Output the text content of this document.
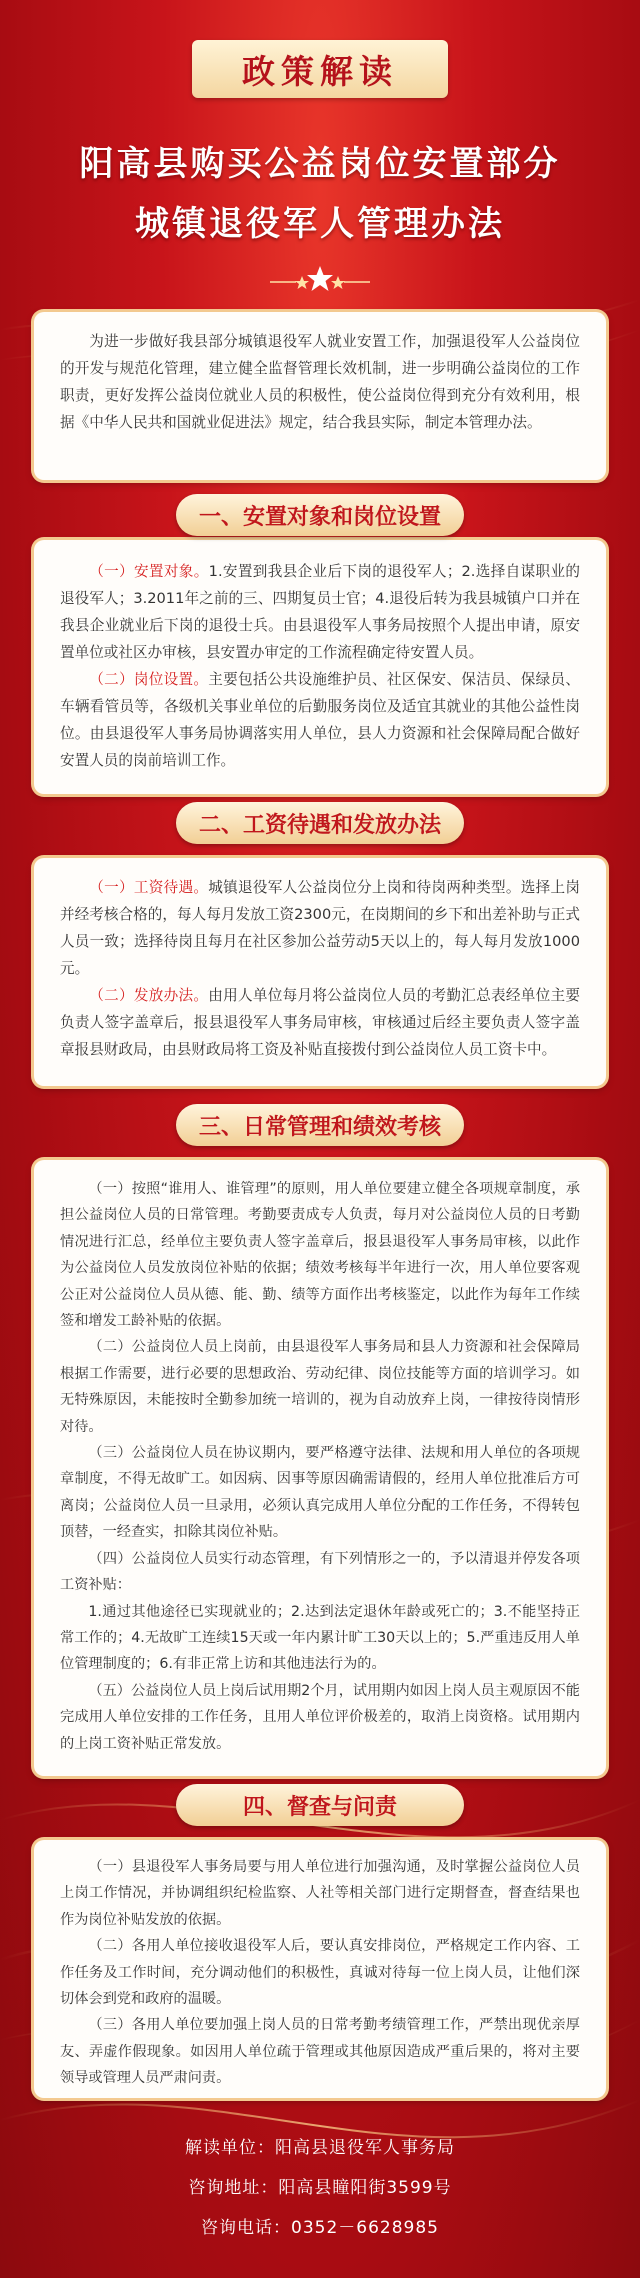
政策解读
阳高县购买公益岗位安置部分
城镇退役军人管理办法

为进一步做好我县部分城镇退役军人就业安置工作，加强退役军人公益岗位的开发与规范化管理，建立健全监督管理长效机制，进一步明确公益岗位的工作职责，更好发挥公益岗位就业人员的积极性，使公益岗位得到充分有效利用，根据《中华人民共和国就业促进法》规定，结合我县实际，制定本管理办法。

一、安置对象和岗位设置

（一）安置对象。1.安置到我县企业后下岗的退役军人；2.选择自谋职业的退役军人；3.2011年之前的三、四期复员士官；4.退役后转为我县城镇户口并在我县企业就业后下岗的退役士兵。由县退役军人事务局按照个人提出申请，原安置单位或社区办审核，县安置办审定的工作流程确定待安置人员。

（二）岗位设置。主要包括公共设施维护员、社区保安、保洁员、保绿员、车辆看管员等，各级机关事业单位的后勤服务岗位及适宜其就业的其他公益性岗位。由县退役军人事务局协调落实用人单位，县人力资源和社会保障局配合做好安置人员的岗前培训工作。

二、工资待遇和发放办法

（一）工资待遇。城镇退役军人公益岗位分上岗和待岗两种类型。选择上岗并经考核合格的，每人每月发放工资2300元，在岗期间的乡下和出差补助与正式人员一致；选择待岗且每月在社区参加公益劳动5天以上的，每人每月发放1000元。

（二）发放办法。由用人单位每月将公益岗位人员的考勤汇总表经单位主要负责人签字盖章后，报县退役军人事务局审核，审核通过后经主要负责人签字盖章报县财政局，由县财政局将工资及补贴直接拨付到公益岗位人员工资卡中。

三、日常管理和绩效考核

（一）按照“谁用人、谁管理”的原则，用人单位要建立健全各项规章制度，承担公益岗位人员的日常管理。考勤要责成专人负责，每月对公益岗位人员的日考勤情况进行汇总，经单位主要负责人签字盖章后，报县退役军人事务局审核，以此作为公益岗位人员发放岗位补贴的依据；绩效考核每半年进行一次，用人单位要客观公正对公益岗位人员从德、能、勤、绩等方面作出考核鉴定，以此作为每年工作续签和增发工龄补贴的依据。

（二）公益岗位人员上岗前，由县退役军人事务局和县人力资源和社会保障局根据工作需要，进行必要的思想政治、劳动纪律、岗位技能等方面的培训学习。如无特殊原因，未能按时全勤参加统一培训的，视为自动放弃上岗，一律按待岗情形对待。

（三）公益岗位人员在协议期内，要严格遵守法律、法规和用人单位的各项规章制度，不得无故旷工。如因病、因事等原因确需请假的，经用人单位批准后方可离岗；公益岗位人员一旦录用，必须认真完成用人单位分配的工作任务，不得转包顶替，一经查实，扣除其岗位补贴。

（四）公益岗位人员实行动态管理，有下列情形之一的，予以清退并停发各项工资补贴：

1.通过其他途径已实现就业的；2.达到法定退休年龄或死亡的；3.不能坚持正常工作的；4.无故旷工连续15天或一年内累计旷工30天以上的；5.严重违反用人单位管理制度的；6.有非正常上访和其他违法行为的。

（五）公益岗位人员上岗后试用期2个月，试用期内如因上岗人员主观原因不能完成用人单位安排的工作任务，且用人单位评价极差的，取消上岗资格。试用期内的上岗工资补贴正常发放。

四、督查与问责

（一）县退役军人事务局要与用人单位进行加强沟通，及时掌握公益岗位人员上岗工作情况，并协调组织纪检监察、人社等相关部门进行定期督查，督查结果也作为岗位补贴发放的依据。

（二）各用人单位接收退役军人后，要认真安排岗位，严格规定工作内容、工作任务及工作时间，充分调动他们的积极性，真诚对待每一位上岗人员，让他们深切体会到党和政府的温暖。

（三）各用人单位要加强上岗人员的日常考勤考绩管理工作，严禁出现优亲厚友、弄虚作假现象。如因用人单位疏于管理或其他原因造成严重后果的，将对主要领导或管理人员严肃问责。

解读单位：阳高县退役军人事务局
咨询地址：阳高县瞳阳街3599号
咨询电话：0352－6628985
